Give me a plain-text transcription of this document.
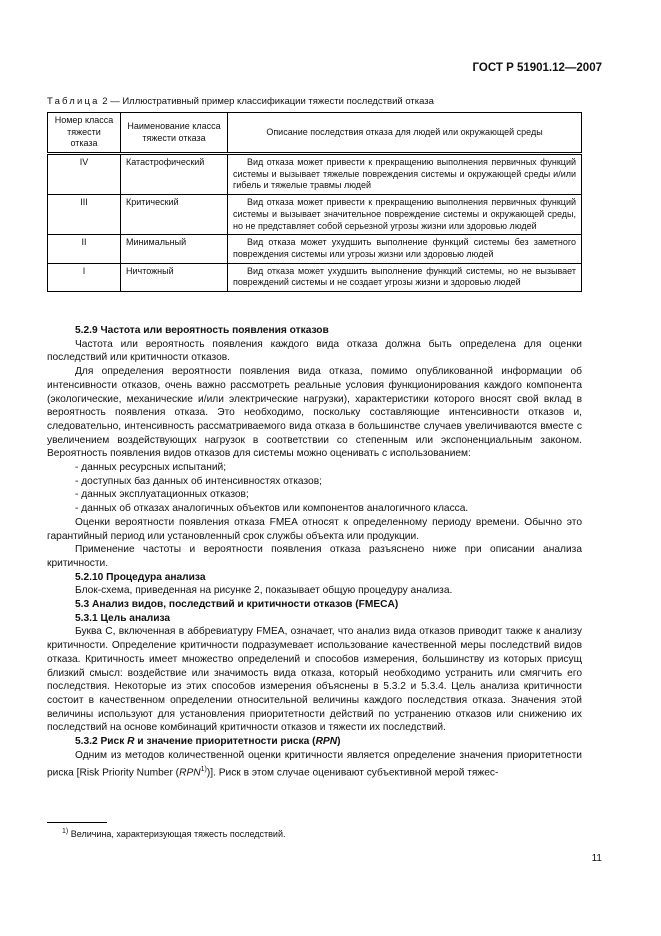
ГОСТ Р 51901.12—2007
Таблица 2 — Иллюстративный пример классификации тяжести последствий отказа
Номер класса тяжести отказа	Наименование класса тяжести отказа	Описание последствия отказа для людей или окружающей среды
IV	Катастрофический	Вид отказа может привести к прекращению выполнения первичных функций системы и вызывает тяжелые повреждения системы и окружающей среды и/или гибель и тяжелые травмы людей
III	Критический	Вид отказа может привести к прекращению выполнения первичных функций системы и вызывает значительное повреждение системы и окружающей среды, но не представляет собой серьезной угрозы жизни или здоровью людей
II	Минимальный	Вид отказа может ухудшить выполнение функций системы без заметного повреждения системы или угрозы жизни или здоровью людей
I	Ничтожный	Вид отказа может ухудшить выполнение функций системы, но не вызывает повреждений системы и не создает угрозы жизни и здоровью людей

5.2.9 Частота или вероятность появления отказов

Частота или вероятность появления каждого вида отказа должна быть определена для оценки последствий или критичности отказов.

Для определения вероятности появления вида отказа, помимо опубликованной информации об интенсивности отказов, очень важно рассмотреть реальные условия функционирования каждого компонента (экологические, механические и/или электрические нагрузки), характеристики которого вносят свой вклад в вероятность появления отказа. Это необходимо, поскольку составляющие интенсивности отказов и, следовательно, интенсивность рассматриваемого вида отказа в большинстве случаев увеличиваются вместе с увеличением воздействующих нагрузок в соответствии со степенным или экспоненциальным законом. Вероятность появления видов отказов для системы можно оценивать с использованием:

- данных ресурсных испытаний;

- доступных баз данных об интенсивностях отказов;

- данных эксплуатационных отказов;

- данных об отказах аналогичных объектов или компонентов аналогичного класса.

Оценки вероятности появления отказа FMEA относят к определенному периоду времени. Обычно это гарантийный период или установленный срок службы объекта или продукции.

Применение частоты и вероятности появления отказа разъяснено ниже при описании анализа критичности.

5.2.10 Процедура анализа

Блок-схема, приведенная на рисунке 2, показывает общую процедуру анализа.

5.3 Анализ видов, последствий и критичности отказов (FMECA)

5.3.1 Цель анализа

Буква С, включенная в аббревиатуру FMEA, означает, что анализ вида отказов приводит также к анализу критичности. Определение критичности подразумевает использование качественной меры последствий видов отказа. Критичность имеет множество определений и способов измерения, большинству из которых присущ близкий смысл: воздействие или значимость вида отказа, который необходимо устранить или смягчить его последствия. Некоторые из этих способов измерения объяснены в 5.3.2 и 5.3.4. Цель анализа критичности состоит в качественном определении относительной величины каждого последствия отказа. Значения этой величины используют для установления приоритетности действий по устранению отказов или снижению их последствий на основе комбинаций критичности отказов и тяжести их последствий.

5.3.2 Риск R и значение приоритетности риска (RPN)

Одним из методов количественной оценки критичности является определение значения приоритетности риска [Risk Priority Number (RPN$^{1)}$)]. Риск в этом случае оценивают субъективной мерой тяжес-

$^{1)}$ Величина, характеризующая тяжесть последствий.
11
